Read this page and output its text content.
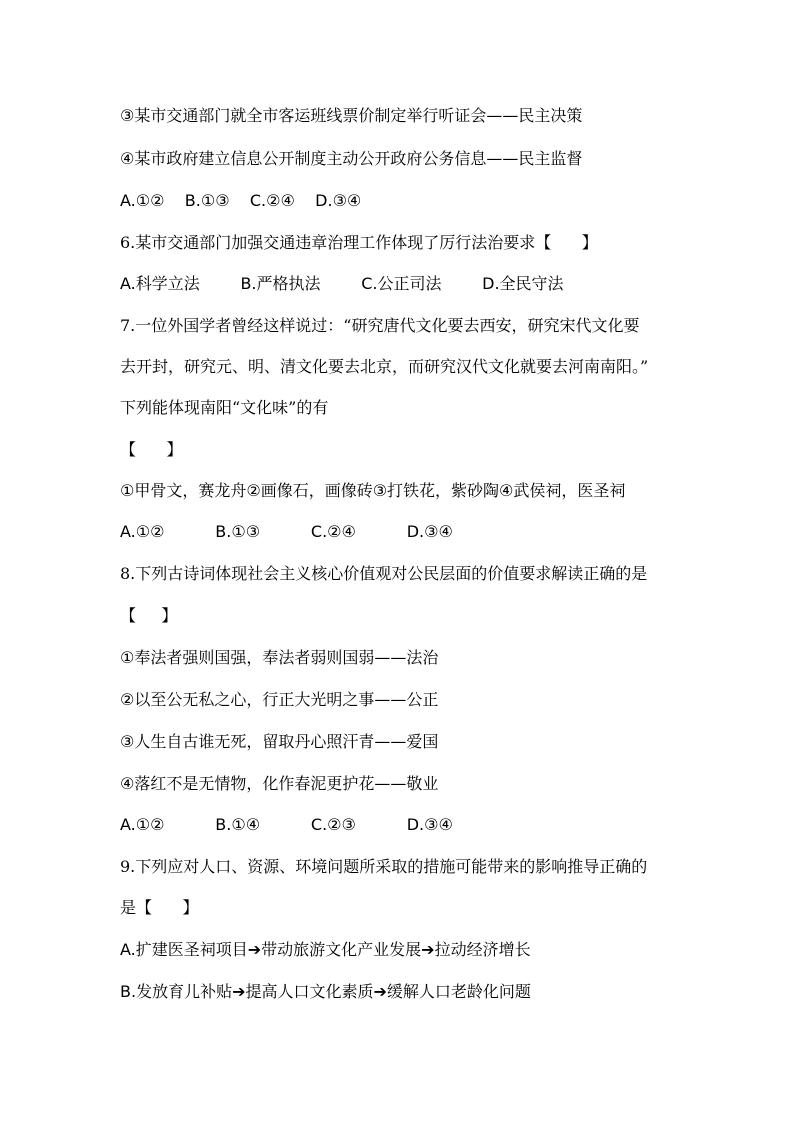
③某市交通部门就全市客运班线票价制定举行听证会——民主决策
④某市政府建立信息公开制度主动公开政府公务信息——民主监督
A.①②    B.①③    C.②④    D.③④
6.某市交通部门加强交通违章治理工作体现了厉行法治要求【      】
A.科学立法        B.严格执法        C.公正司法        D.全民守法
7.一位外国学者曾经这样说过：“研究唐代文化要去西安，研究宋代文化要
去开封，研究元、明、清文化要去北京，而研究汉代文化就要去河南南阳。”
下列能体现南阳“文化味”的有
【      】
①甲骨文，赛龙舟②画像石，画像砖③打铁花，紫砂陶④武侯祠，医圣祠
A.①②          B.①③          C.②④          D.③④
8.下列古诗词体现社会主义核心价值观对公民层面的价值要求解读正确的是
【     】
①奉法者强则国强，奉法者弱则国弱——法治
②以至公无私之心，行正大光明之事——公正
③人生自古谁无死，留取丹心照汗青——爱国
④落红不是无情物，化作春泥更护花——敬业
A.①②          B.①④          C.②③          D.③④
9.下列应对人口、资源、环境问题所采取的措施可能带来的影响推导正确的
是【      】
A.扩建医圣祠项目➔带动旅游文化产业发展➔拉动经济增长
B.发放育儿补贴➔提高人口文化素质➔缓解人口老龄化问题
